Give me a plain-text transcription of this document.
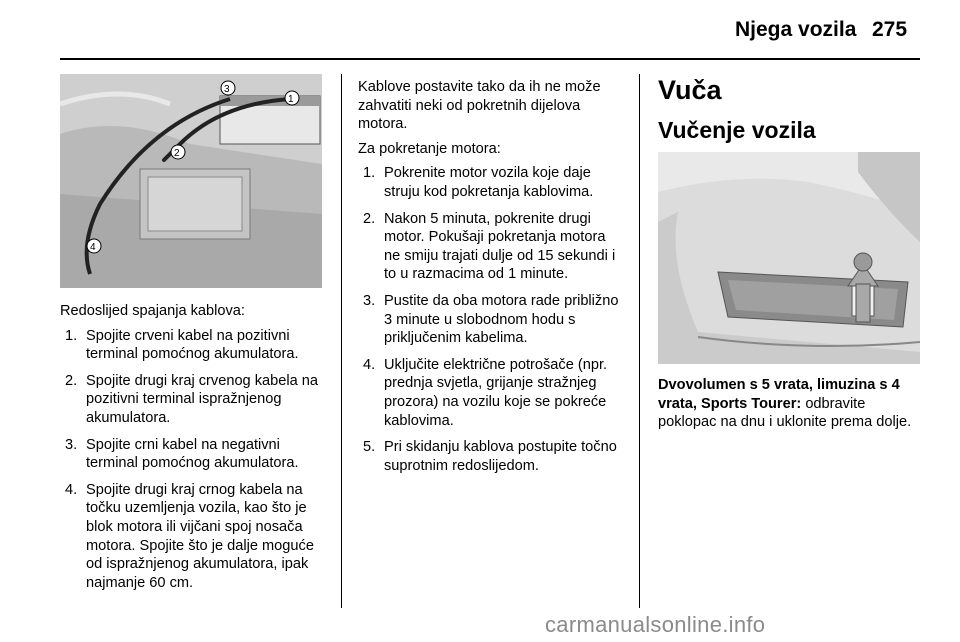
Njega vozila 275
1
2
3
4

Redoslijed spajanja kablova:

1. Spojite crveni kabel na pozitivni terminal pomoćnog akumulatora.
2. Spojite drugi kraj crvenog kabela na pozitivni terminal ispražnjenog akumulatora.
3. Spojite crni kabel na negativni terminal pomoćnog akumulatora.
4. Spojite drugi kraj crnog kabela na točku uzemljenja vozila, kao što je blok motora ili vijčani spoj nosača motora. Spojite što je dalje moguće od ispražnjenog akumulatora, ipak najmanje 60 cm.

Kablove postavite tako da ih ne može zahvatiti neki od pokretnih dijelova motora.

Za pokretanje motora:

1. Pokrenite motor vozila koje daje struju kod pokretanja kablovima.
2. Nakon 5 minuta, pokrenite drugi motor. Pokušaji pokretanja motora ne smiju trajati dulje od 15 sekundi i to u razmacima od 1 minute.
3. Pustite da oba motora rade približno 3 minute u slobodnom hodu s priključenim kabelima.
4. Uključite električne potrošače (npr. prednja svjetla, grijanje stražnjeg prozora) na vozilu koje se pokreće kablovima.
5. Pri skidanju kablova postupite točno suprotnim redoslijedom.
Vuča
Vučenje vozila

Dvovolumen s 5 vrata, limuzina s 4 vrata, Sports Tourer: odbravite poklopac na dnu i uklonite prema dolje.

carmanualsonline.info
